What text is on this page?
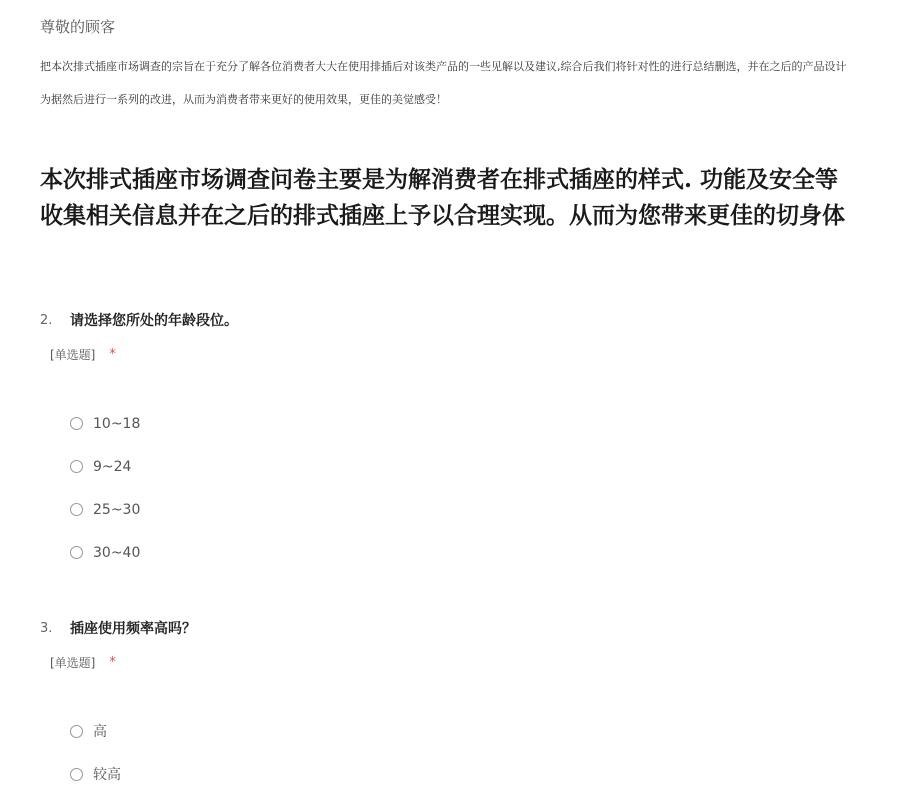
尊敬的顾客
把本次排式插座市场调查的宗旨在于充分了解各位消费者大大在使用排插后对该类产品的一些见解以及建议,综合后我们将针对性的进行总结删选，并在之后的产品设计
为据然后进行一系列的改进，从而为消费者带来更好的使用效果，更佳的美觉感受！
本次排式插座市场调查问卷主要是为解消费者在排式插座的样式. 功能及安全等
收集相关信息并在之后的排式插座上予以合理实现。从而为您带来更佳的切身体
2.	请选择您所处的年龄段位。
[单选题] *
10~18
9~24
25~30
30~40
3.	插座使用频率高吗？
[单选题] *
高
较高
